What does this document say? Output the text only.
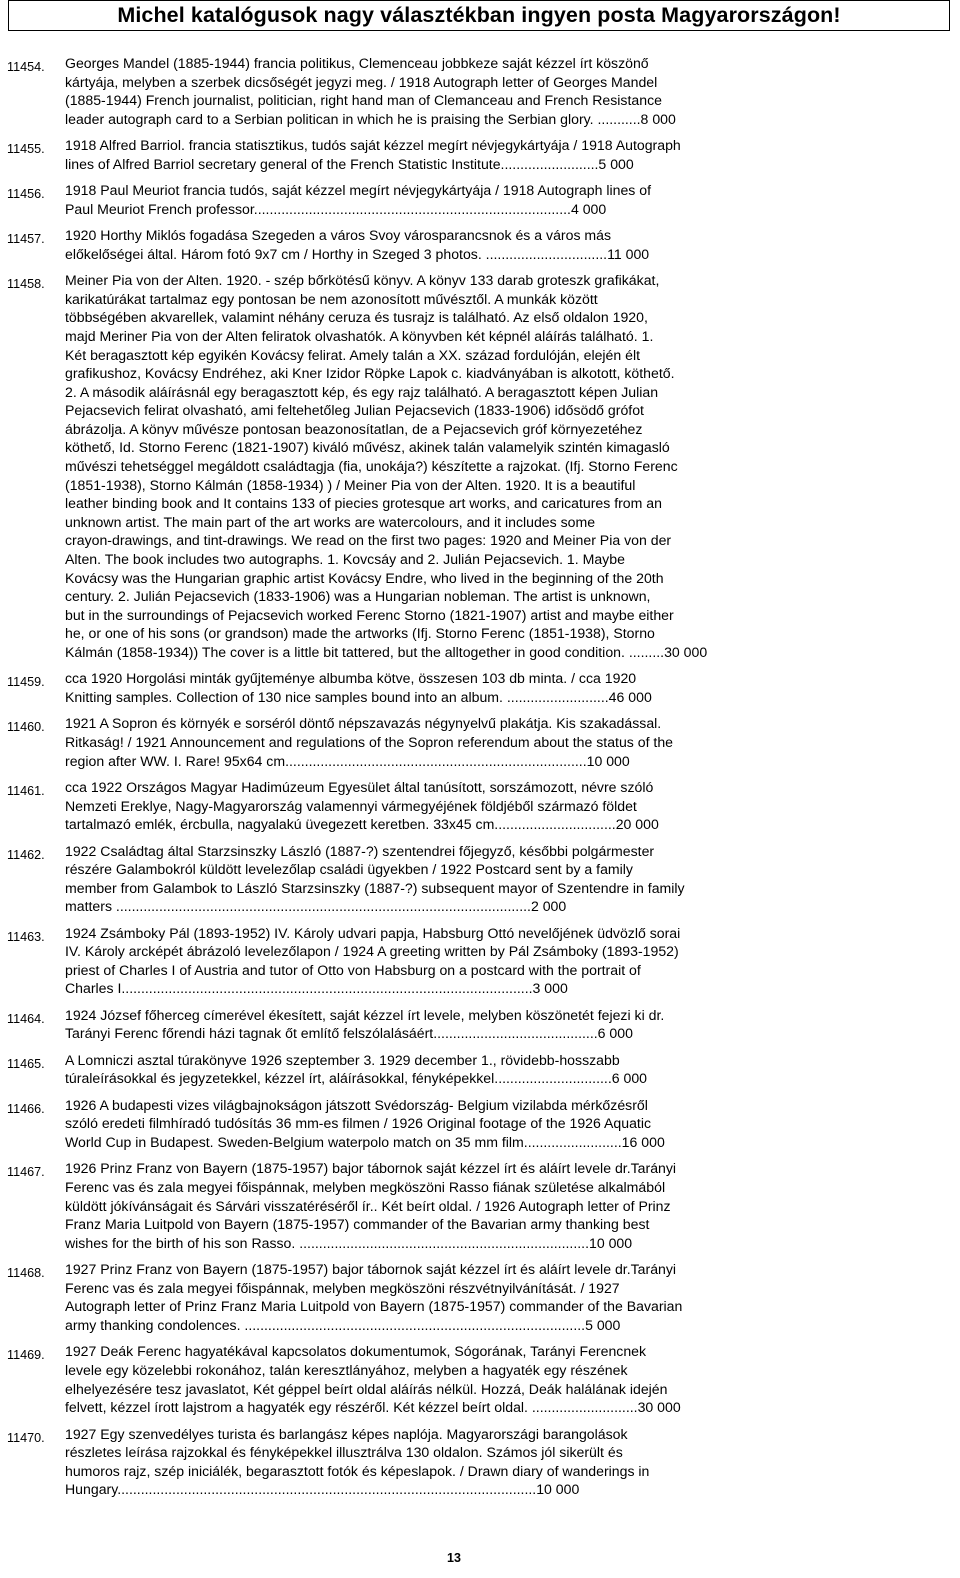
Michel katalógusok nagy választékban ingyen posta Magyarországon!
11454.	Georges Mandel (1885-1944) francia politikus, Clemenceau jobbkeze saját kézzel írt köszönő
kártyája, melyben a szerbek dicsőségét jegyzi meg. / 1918 Autograph letter of Georges Mandel
(1885-1944) French journalist, politician, right hand man of Clemanceau and French Resistance
leader autograph card to a Serbian politican in which he is praising the Serbian glory. ...........8 000
11455.	1918 Alfred Barriol. francia statisztikus, tudós saját kézzel megírt névjegykártyája / 1918 Autograph
lines of Alfred Barriol secretary general of the French Statistic Institute.........................5 000
11456.	1918 Paul Meuriot francia tudós, saját kézzel megírt névjegykártyája / 1918 Autograph lines of
Paul Meuriot French professor.................................................................................4 000
11457.	1920 Horthy Miklós fogadása Szegeden a város Svoy városparancsnok és a város más
előkelőségei által. Három fotó 9x7 cm / Horthy in Szeged 3 photos. ...............................11 000
11458.	Meiner Pia von der Alten. 1920. - szép bőrkötésű könyv. A könyv 133 darab groteszk grafikákat,
karikatúrákat tartalmaz egy pontosan be nem azonosított művésztől. A munkák között
többségében akvarellek, valamint néhány ceruza és tusrajz is található. Az első oldalon 1920,
majd Meriner Pia von der Alten feliratok olvashatók. A könyvben két képnél aláírás található. 1.
Két beragasztott kép egyikén Kovácsy felirat. Amely talán a XX. század fordulóján, elején élt
grafikushoz, Kovácsy Endréhez, aki Kner Izidor Röpke Lapok c. kiadványában is alkotott, köthető.
2. A második aláírásnál egy beragasztott kép, és egy rajz található. A beragasztott képen Julian
Pejacsevich felirat olvasható, ami feltehetőleg Julian Pejacsevich (1833-1906) idősödő grófot
ábrázolja. A könyv művésze pontosan beazonosítatlan, de a Pejacsevich gróf környezetéhez
köthető, Id. Storno Ferenc (1821-1907) kiváló művész, akinek talán valamelyik szintén kimagasló
művészi tehetséggel megáldott családtagja (fia, unokája?) készítette a rajzokat. (Ifj. Storno Ferenc
(1851-1938), Storno Kálmán (1858-1934) ) / Meiner Pia von der Alten. 1920. It is a beautiful
leather binding book and It contains 133 of piecies grotesque art works, and caricatures from an
unknown artist. The main part of the art works are watercolours, and it includes some
crayon-drawings, and tint-drawings. We read on the first two pages: 1920 and Meiner Pia von der
Alten. The book includes two autographs. 1. Kovcsáy and 2. Julián Pejacsevich. 1. Maybe
Kovácsy was the Hungarian graphic artist Kovácsy Endre, who lived in the beginning of the 20th
century. 2. Julián Pejacsevich (1833-1906) was a Hungarian nobleman. The artist is unknown,
but in the surroundings of Pejacsevich worked Ferenc Storno (1821-1907) artist and maybe either
he, or one of his sons (or grandson) made the artworks (Ifj. Storno Ferenc (1851-1938), Storno
Kálmán (1858-1934)) The cover is a little bit tattered, but the alltogether in good condition. .........30 000
11459.	cca 1920 Horgolási minták gyűjteménye albumba kötve, összesen 103 db minta. / cca 1920
Knitting samples. Collection of 130 nice samples bound into an album. ..........................46 000
11460.	1921 A Sopron és környék e sorséról döntő népszavazás négynyelvű plakátja. Kis szakadással.
Ritkaság! / 1921 Announcement and regulations of the Sopron referendum about the status of the
region after WW. I. Rare! 95x64 cm.............................................................................10 000
11461.	cca 1922 Országos Magyar Hadimúzeum Egyesület által tanúsított, sorszámozott, névre szóló
Nemzeti Ereklye, Nagy-Magyarország valamennyi vármegyéjének földjéből származó földet
tartalmazó emlék, ércbulla, nagyalakú üvegezett keretben. 33x45 cm...............................20 000
11462.	1922 Családtag által Starzsinszky László (1887-?) szentendrei főjegyző, későbbi polgármester
részére Galambokról küldött levelezőlap családi ügyekben / 1922 Postcard sent by a family
member from Galambok to László Starzsinszky (1887-?) subsequent mayor of Szentendre in family
matters ..........................................................................................................2 000
11463.	1924 Zsámboky Pál (1893-1952) IV. Károly udvari papja, Habsburg Ottó nevelőjének üdvözlő sorai
IV. Károly arcképét ábrázoló levelezőlapon / 1924 A greeting written by Pál Zsámboky (1893-1952)
priest of Charles I of Austria and tutor of Otto von Habsburg on a postcard with the portrait of
Charles I.........................................................................................................3 000
11464.	1924 József főherceg címerével ékesített, saját kézzel írt levele, melyben köszönetét fejezi ki dr.
Tarányi Ferenc főrendi házi tagnak őt említő felszólalásáért..........................................6 000
11465.	A Lomniczi asztal túrakönyve 1926 szeptember 3. 1929 december 1., rövidebb-hosszabb
túraleírásokkal és jegyzetekkel, kézzel írt, aláírásokkal, fényképekkel..............................6 000
11466.	1926 A budapesti vizes világbajnokságon játszott Svédország- Belgium vizilabda mérkőzésről
szóló eredeti filmhíradó tudósítás 36 mm-es filmen / 1926 Original footage of the 1926 Aquatic
World Cup in Budapest. Sweden-Belgium waterpolo match on 35 mm film.........................16 000
11467.	1926 Prinz Franz von Bayern (1875-1957) bajor tábornok saját kézzel írt és aláírt levele dr.Tarányi
Ferenc vas és zala megyei főispánnak, melyben megköszöni Rasso fiának születése alkalmából
küldött jókívánságait és Sárvári visszatéréséről ír.. Két beírt oldal. / 1926 Autograph letter of Prinz
Franz Maria Luitpold von Bayern (1875-1957) commander of the Bavarian army thanking best
wishes for the birth of his son Rasso. ..........................................................................10 000
11468.	1927 Prinz Franz von Bayern (1875-1957) bajor tábornok saját kézzel írt és aláírt levele dr.Tarányi
Ferenc vas és zala megyei főispánnak, melyben megköszöni részvétnyilvánítását. / 1927
Autograph letter of Prinz Franz Maria Luitpold von Bayern (1875-1957) commander of the Bavarian
army thanking condolences. .......................................................................................5 000
11469.	1927 Deák Ferenc hagyatékával kapcsolatos dokumentumok, Sógorának, Tarányi Ferencnek
levele egy közelebbi rokonához, talán keresztlányához, melyben a hagyaték egy részének
elhelyezésére tesz javaslatot, Két géppel beírt oldal aláírás nélkül. Hozzá, Deák halálának idején
felvett, kézzel írott lajstrom a hagyaték egy részéről. Két kézzel beírt oldal. ...........................30 000
11470.	1927 Egy szenvedélyes turista és barlangász képes naplója. Magyarországi barangolások
részletes leírása rajzokkal és fényképekkel illusztrálva 130 oldalon. Számos jól sikerült és
humoros rajz, szép iniciálék, begarasztott fotók és képeslapok. / Drawn diary of wanderings in
Hungary...........................................................................................................10 000
13
